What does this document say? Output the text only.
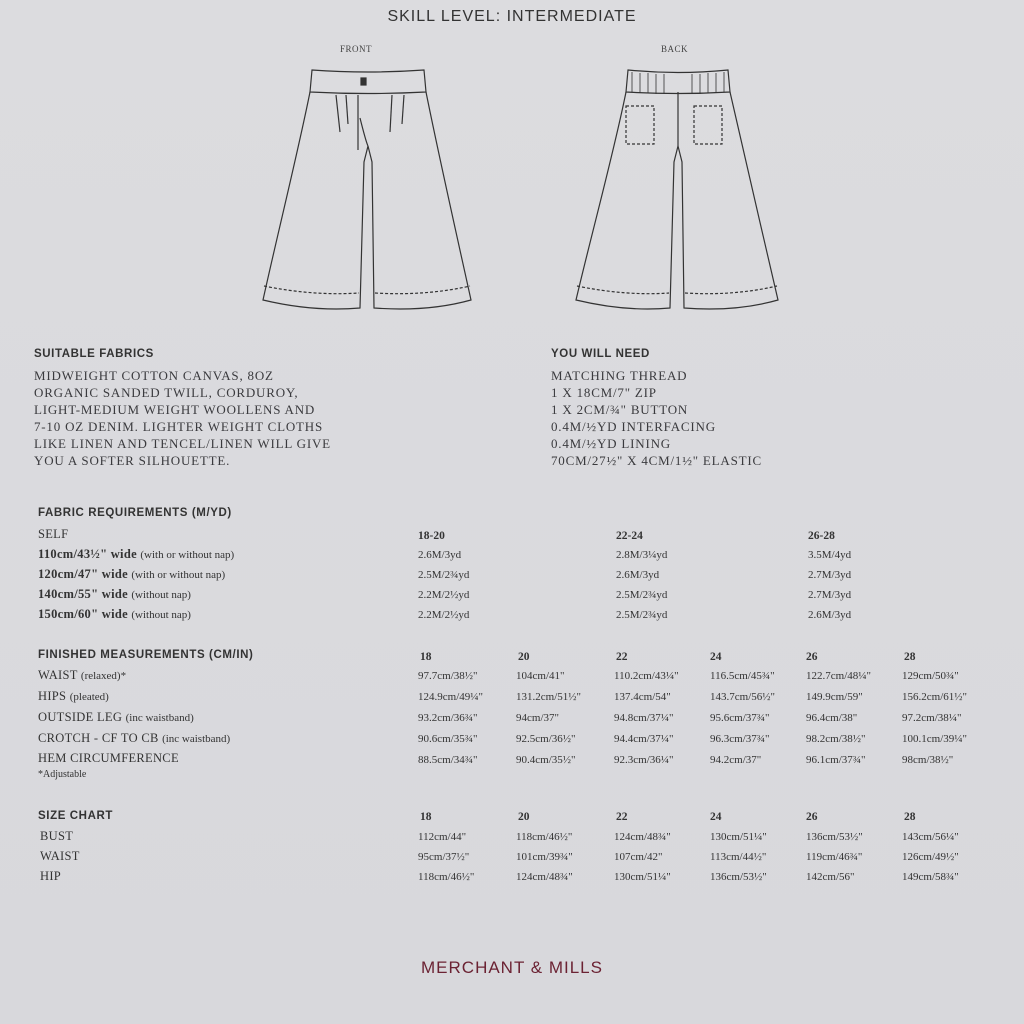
SKILL LEVEL: INTERMEDIATE
FRONT	BACK
SUITABLE FABRICS
MIDWEIGHT COTTON CANVAS, 8OZ
ORGANIC SANDED TWILL, CORDUROY,
LIGHT-MEDIUM WEIGHT WOOLLENS AND
7-10 OZ DENIM. LIGHTER WEIGHT CLOTHS
LIKE LINEN AND TENCEL/LINEN WILL GIVE
YOU A SOFTER SILHOUETTE.
YOU WILL NEED
MATCHING THREAD
1 X 18CM/7" ZIP
1 X 2CM/¾" BUTTON
0.4M/½YD INTERFACING
0.4M/½YD LINING
70CM/27½" X 4CM/1½" ELASTIC
FABRIC REQUIREMENTS (M/YD)
SELF	18-20	22-24	26-28
110cm/43½" wide (with or without nap)	2.6M/3yd	2.8M/3¼yd	3.5M/4yd
120cm/47" wide (with or without nap)	2.5M/2¾yd	2.6M/3yd	2.7M/3yd
140cm/55" wide (without nap)	2.2M/2½yd	2.5M/2¾yd	2.7M/3yd
150cm/60" wide (without nap)	2.2M/2½yd	2.5M/2¾yd	2.6M/3yd
FINISHED MEASUREMENTS (CM/IN)	18	20	22	24	26	28
WAIST (relaxed)*	97.7cm/38½"	104cm/41"	110.2cm/43¼"	116.5cm/45¾"	122.7cm/48¼"	129cm/50¾"
HIPS (pleated)	124.9cm/49¼"	131.2cm/51½"	137.4cm/54"	143.7cm/56½"	149.9cm/59"	156.2cm/61½"
OUTSIDE LEG (inc waistband)	93.2cm/36¾"	94cm/37"	94.8cm/37¼"	95.6cm/37¾"	96.4cm/38"	97.2cm/38¼"
CROTCH - CF TO CB (inc waistband)	90.6cm/35¾"	92.5cm/36½"	94.4cm/37¼"	96.3cm/37¾"	98.2cm/38½"	100.1cm/39¼"
HEM CIRCUMFERENCE	88.5cm/34¾"	90.4cm/35½"	92.3cm/36¼"	94.2cm/37"	96.1cm/37¾"	98cm/38½"
*Adjustable
SIZE CHART	18	20	22	24	26	28
BUST	112cm/44"	118cm/46½"	124cm/48¾"	130cm/51¼"	136cm/53½"	143cm/56¼"
WAIST	95cm/37½"	101cm/39¾"	107cm/42"	113cm/44½"	119cm/46¾"	126cm/49½"
HIP	118cm/46½"	124cm/48¾"	130cm/51¼"	136cm/53½"	142cm/56"	149cm/58¾"
MERCHANT & MILLS
